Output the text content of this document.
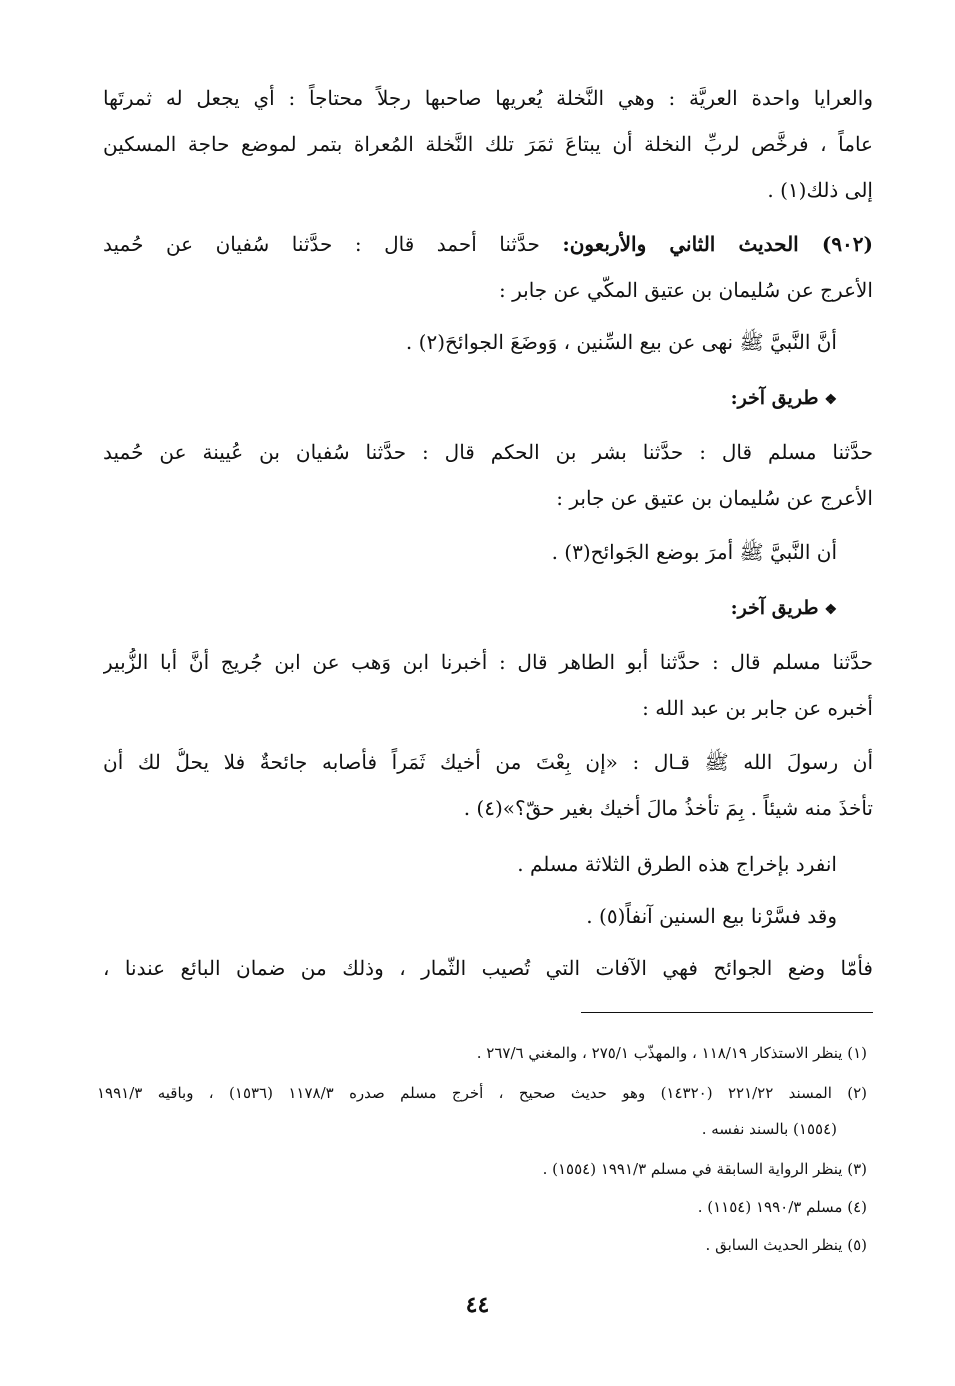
والعرايا واحدة العريَّة : وهي النَّخلة يُعريها صاحبها رجلاً محتاجاً : أي يجعل له ثمرتَها
عاماً ، فرخَّص لربِّ النخلة أن يبتاعَ ثمَرَ تلك النَّخلة المُعراة بتمر لموضع حاجة المسكين
إلى ذلك(١) .
(٩٠٢) الحديث الثاني والأربعون: حدَّثنا أحمد قال : حدَّثنا سُفيان عن حُميد
الأعرج عن سُليمان بن عتيق المكّي عن جابر :
أنَّ النَّبيَّ ﷺ نهى عن بيع السِّنين ، وَوضَعَ الجوائحَ(٢) .
❖طريق آخر:
حدَّثنا مسلم قال : حدَّثنا بشر بن الحكم قال : حدَّثنا سُفيان بن عُيينة عن حُميد
الأعرج عن سُليمان بن عتيق عن جابر :
أن النَّبيَّ ﷺ أمرَ بوضع الجَوائح(٣) .
❖طريق آخر:
حدَّثنا مسلم قال : حدَّثنا أبو الطاهر قال : أخبرنا ابن وَهب عن ابن جُريج أنَّ أبا الزُّبير
أخبره عن جابر بن عبد الله :
أن رسولَ الله ﷺ قـال : «إن بِعْتَ من أخيك ثَمَراً فأصابه جائحةٌ فلا يحلُّ لك أن
تأخذَ منه شيئاً . بِمَ تأخذُ مالَ أخيك بغير حقّ؟»(٤) .
انفرد بإخراج هذه الطرق الثلاثة مسلم .
وقد فسَّرْنا بيع السنين آنفاً(٥) .
فأمّا وضع الجوائح فهي الآفات التي تُصيب الثّمار ، وذلك من ضمان البائع عندنا ،
(١) ينظر الاستذكار ١١٨/١٩ ، والمهذّب ٢٧٥/١ ، والمغني ٢٦٧/٦ .
(٢) المسند ٢٢١/٢٢ (١٤٣٢٠) وهو حديث صحيح ، أخرج مسلم صدره ١١٧٨/٣ (١٥٣٦) ، وباقيه ١٩٩١/٣
(١٥٥٤) بالسند نفسه .
(٣) ينظر الرواية السابقة في مسلم ١٩٩١/٣ (١٥٥٤) .
(٤) مسلم ١٩٩٠/٣ (١١٥٤) .
(٥) ينظر الحديث السابق .
٤٤
